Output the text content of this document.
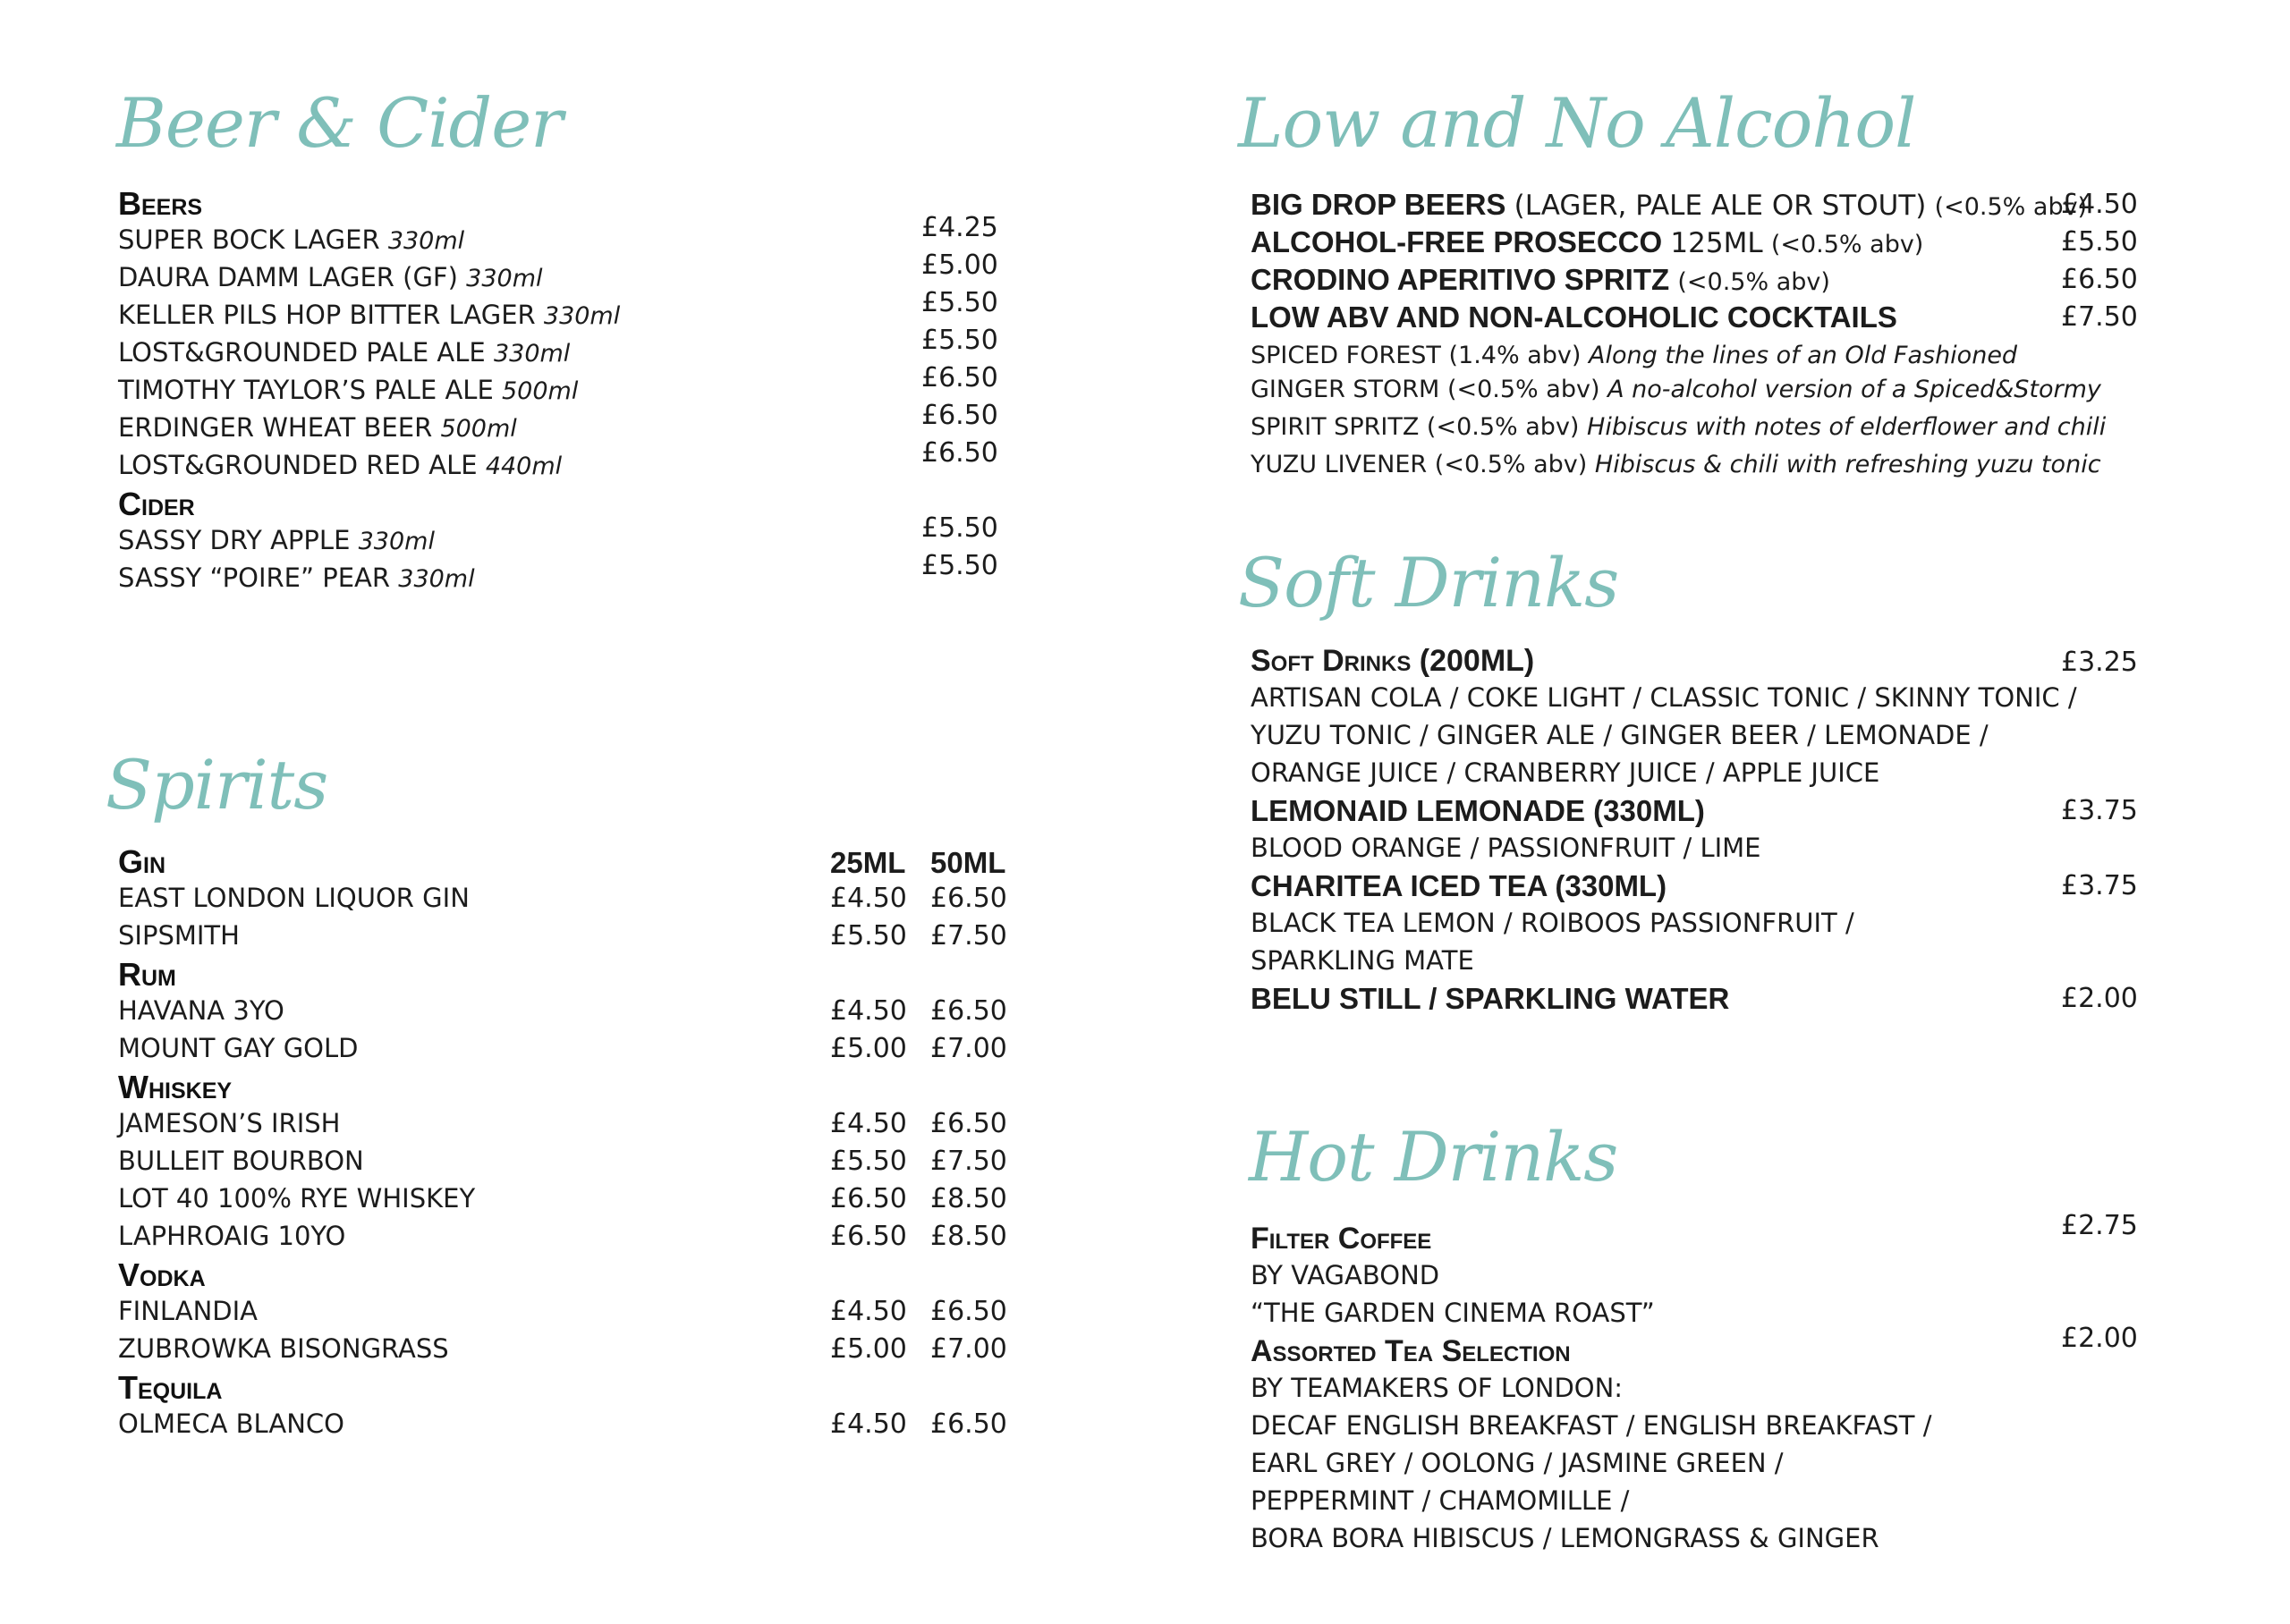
Beer & Cider
Beers
SUPER BOCK LAGER 330ml	£4.25
DAURA DAMM LAGER (GF) 330ml	£5.00
KELLER PILS HOP BITTER LAGER 330ml	£5.50
LOST&GROUNDED PALE ALE 330ml	£5.50
TIMOTHY TAYLOR’S PALE ALE 500ml	£6.50
ERDINGER WHEAT BEER 500ml	£6.50
LOST&GROUNDED RED ALE 440ml	£6.50
Cider
SASSY DRY APPLE 330ml	£5.50
SASSY “POIRE” PEAR 330ml	£5.50
Spirits
Gin	25ML 50ML
EAST LONDON LIQUOR GIN	£4.50 £6.50
SIPSMITH	£5.50 £7.50
Rum
HAVANA 3YO	£4.50 £6.50
MOUNT GAY GOLD	£5.00 £7.00
Whiskey
JAMESON’S IRISH	£4.50 £6.50
BULLEIT BOURBON	£5.50 £7.50
LOT 40 100% RYE WHISKEY	£6.50 £8.50
LAPHROAIG 10YO	£6.50 £8.50
Vodka
FINLANDIA	£4.50 £6.50
ZUBROWKA BISONGRASS	£5.00 £7.00
Tequila
OLMECA BLANCO	£4.50 £6.50
Low and No Alcohol
BIG DROP BEERS (LAGER, PALE ALE OR STOUT) (<0.5% abv)
£4.50
ALCOHOL-FREE PROSECCO 125ML (<0.5% abv)	£5.50
CRODINO APERITIVO SPRITZ (<0.5% abv)	£6.50
LOW ABV AND NON-ALCOHOLIC COCKTAILS	£7.50
SPICED FOREST (1.4% abv) Along the lines of an Old Fashioned
GINGER STORM (<0.5% abv) A no-alcohol version of a Spiced&Stormy
SPIRIT SPRITZ (<0.5% abv) Hibiscus with notes of elderflower and chili
YUZU LIVENER (<0.5% abv) Hibiscus & chili with refreshing yuzu tonic
Soft Drinks
Soft Drinks (200ML)	£3.25
ARTISAN COLA / COKE LIGHT / CLASSIC TONIC / SKINNY TONIC /
YUZU TONIC / GINGER ALE / GINGER BEER / LEMONADE /
ORANGE JUICE / CRANBERRY JUICE / APPLE JUICE
LEMONAID LEMONADE (330ML)	£3.75
BLOOD ORANGE / PASSIONFRUIT / LIME
CHARITEA ICED TEA (330ML)	£3.75
BLACK TEA LEMON / ROIBOOS PASSIONFRUIT /
SPARKLING MATE
BELU STILL / SPARKLING WATER	£2.00
Hot Drinks
Filter Coffee	£2.75
BY VAGABOND
“THE GARDEN CINEMA ROAST”
Assorted Tea Selection	£2.00
BY TEAMAKERS OF LONDON:
DECAF ENGLISH BREAKFAST / ENGLISH BREAKFAST /
EARL GREY / OOLONG / JASMINE GREEN /
PEPPERMINT / CHAMOMILLE /
BORA BORA HIBISCUS / LEMONGRASS & GINGER
